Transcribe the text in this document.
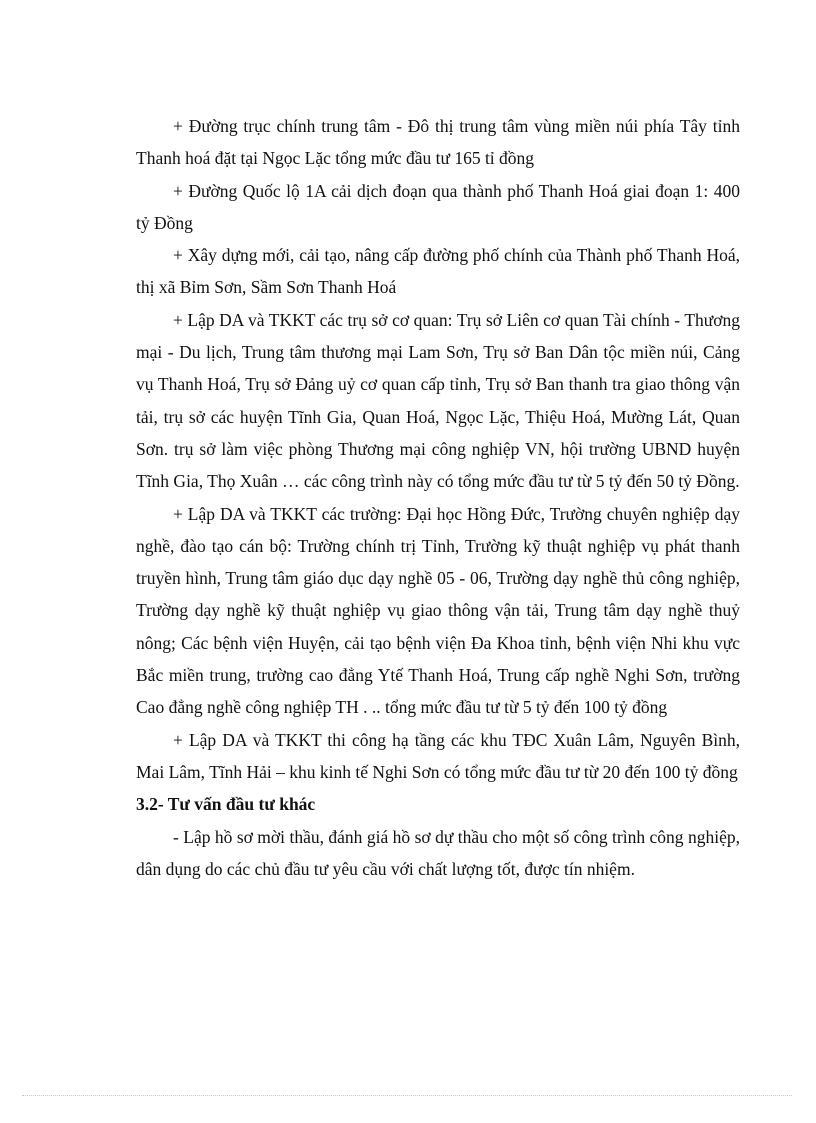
+ Đường trục chính trung tâm - Đô thị trung tâm vùng miền núi phía Tây tỉnh Thanh hoá đặt tại Ngọc Lặc tổng mức đầu tư 165 tỉ đồng

+ Đường Quốc lộ 1A cải dịch đoạn qua thành phố Thanh Hoá giai đoạn 1: 400 tỷ Đồng

+ Xây dựng mới, cải tạo, nâng cấp đường phố chính của Thành phố Thanh Hoá, thị xã Bỉm Sơn, Sầm Sơn Thanh Hoá

+ Lập DA và TKKT các trụ sở cơ quan: Trụ sở Liên cơ quan Tài chính - Thương mại - Du lịch, Trung tâm thương mại Lam Sơn, Trụ sở Ban Dân tộc miền núi, Cảng vụ Thanh Hoá, Trụ sở Đảng uỷ cơ quan cấp tỉnh, Trụ sở Ban thanh tra giao thông vận tải, trụ sở các huyện Tĩnh Gia, Quan Hoá, Ngọc Lặc, Thiệu Hoá, Mường Lát, Quan Sơn. trụ sở làm việc phòng Thương mại công nghiệp VN, hội trường UBND huyện Tĩnh Gia, Thọ Xuân … các công trình này có tổng mức đầu tư từ 5 tỷ đến 50 tỷ Đồng.

+ Lập DA và TKKT các trường: Đại học Hồng Đức, Trường chuyên nghiệp dạy nghề, đào tạo cán bộ: Trường chính trị Tỉnh, Trường kỹ thuật nghiệp vụ phát thanh truyền hình, Trung tâm giáo dục dạy nghề 05 - 06, Trường dạy nghề thủ công nghiệp, Trường dạy nghề kỹ thuật nghiệp vụ giao thông vận tải, Trung tâm dạy nghề thuỷ nông; Các bệnh viện Huyện, cải tạo bệnh viện Đa Khoa tỉnh, bệnh viện Nhi khu vực Bắc miền trung, trường cao đẳng Ytế Thanh Hoá, Trung cấp nghề Nghi Sơn, trường Cao đẳng nghề công nghiệp TH . .. tổng mức đầu tư từ 5 tỷ đến 100 tỷ đồng

+ Lập DA và TKKT thi công hạ tầng các khu TĐC Xuân Lâm, Nguyên Bình, Mai Lâm, Tĩnh Hải – khu kinh tế Nghi Sơn có tổng mức đầu tư từ 20 đến 100 tỷ đồng

3.2- Tư vấn đầu tư khác

- Lập hồ sơ mời thầu, đánh giá hồ sơ dự thầu cho một số công trình công nghiệp, dân dụng do các chủ đầu tư yêu cầu với chất lượng tốt, được tín nhiệm.
